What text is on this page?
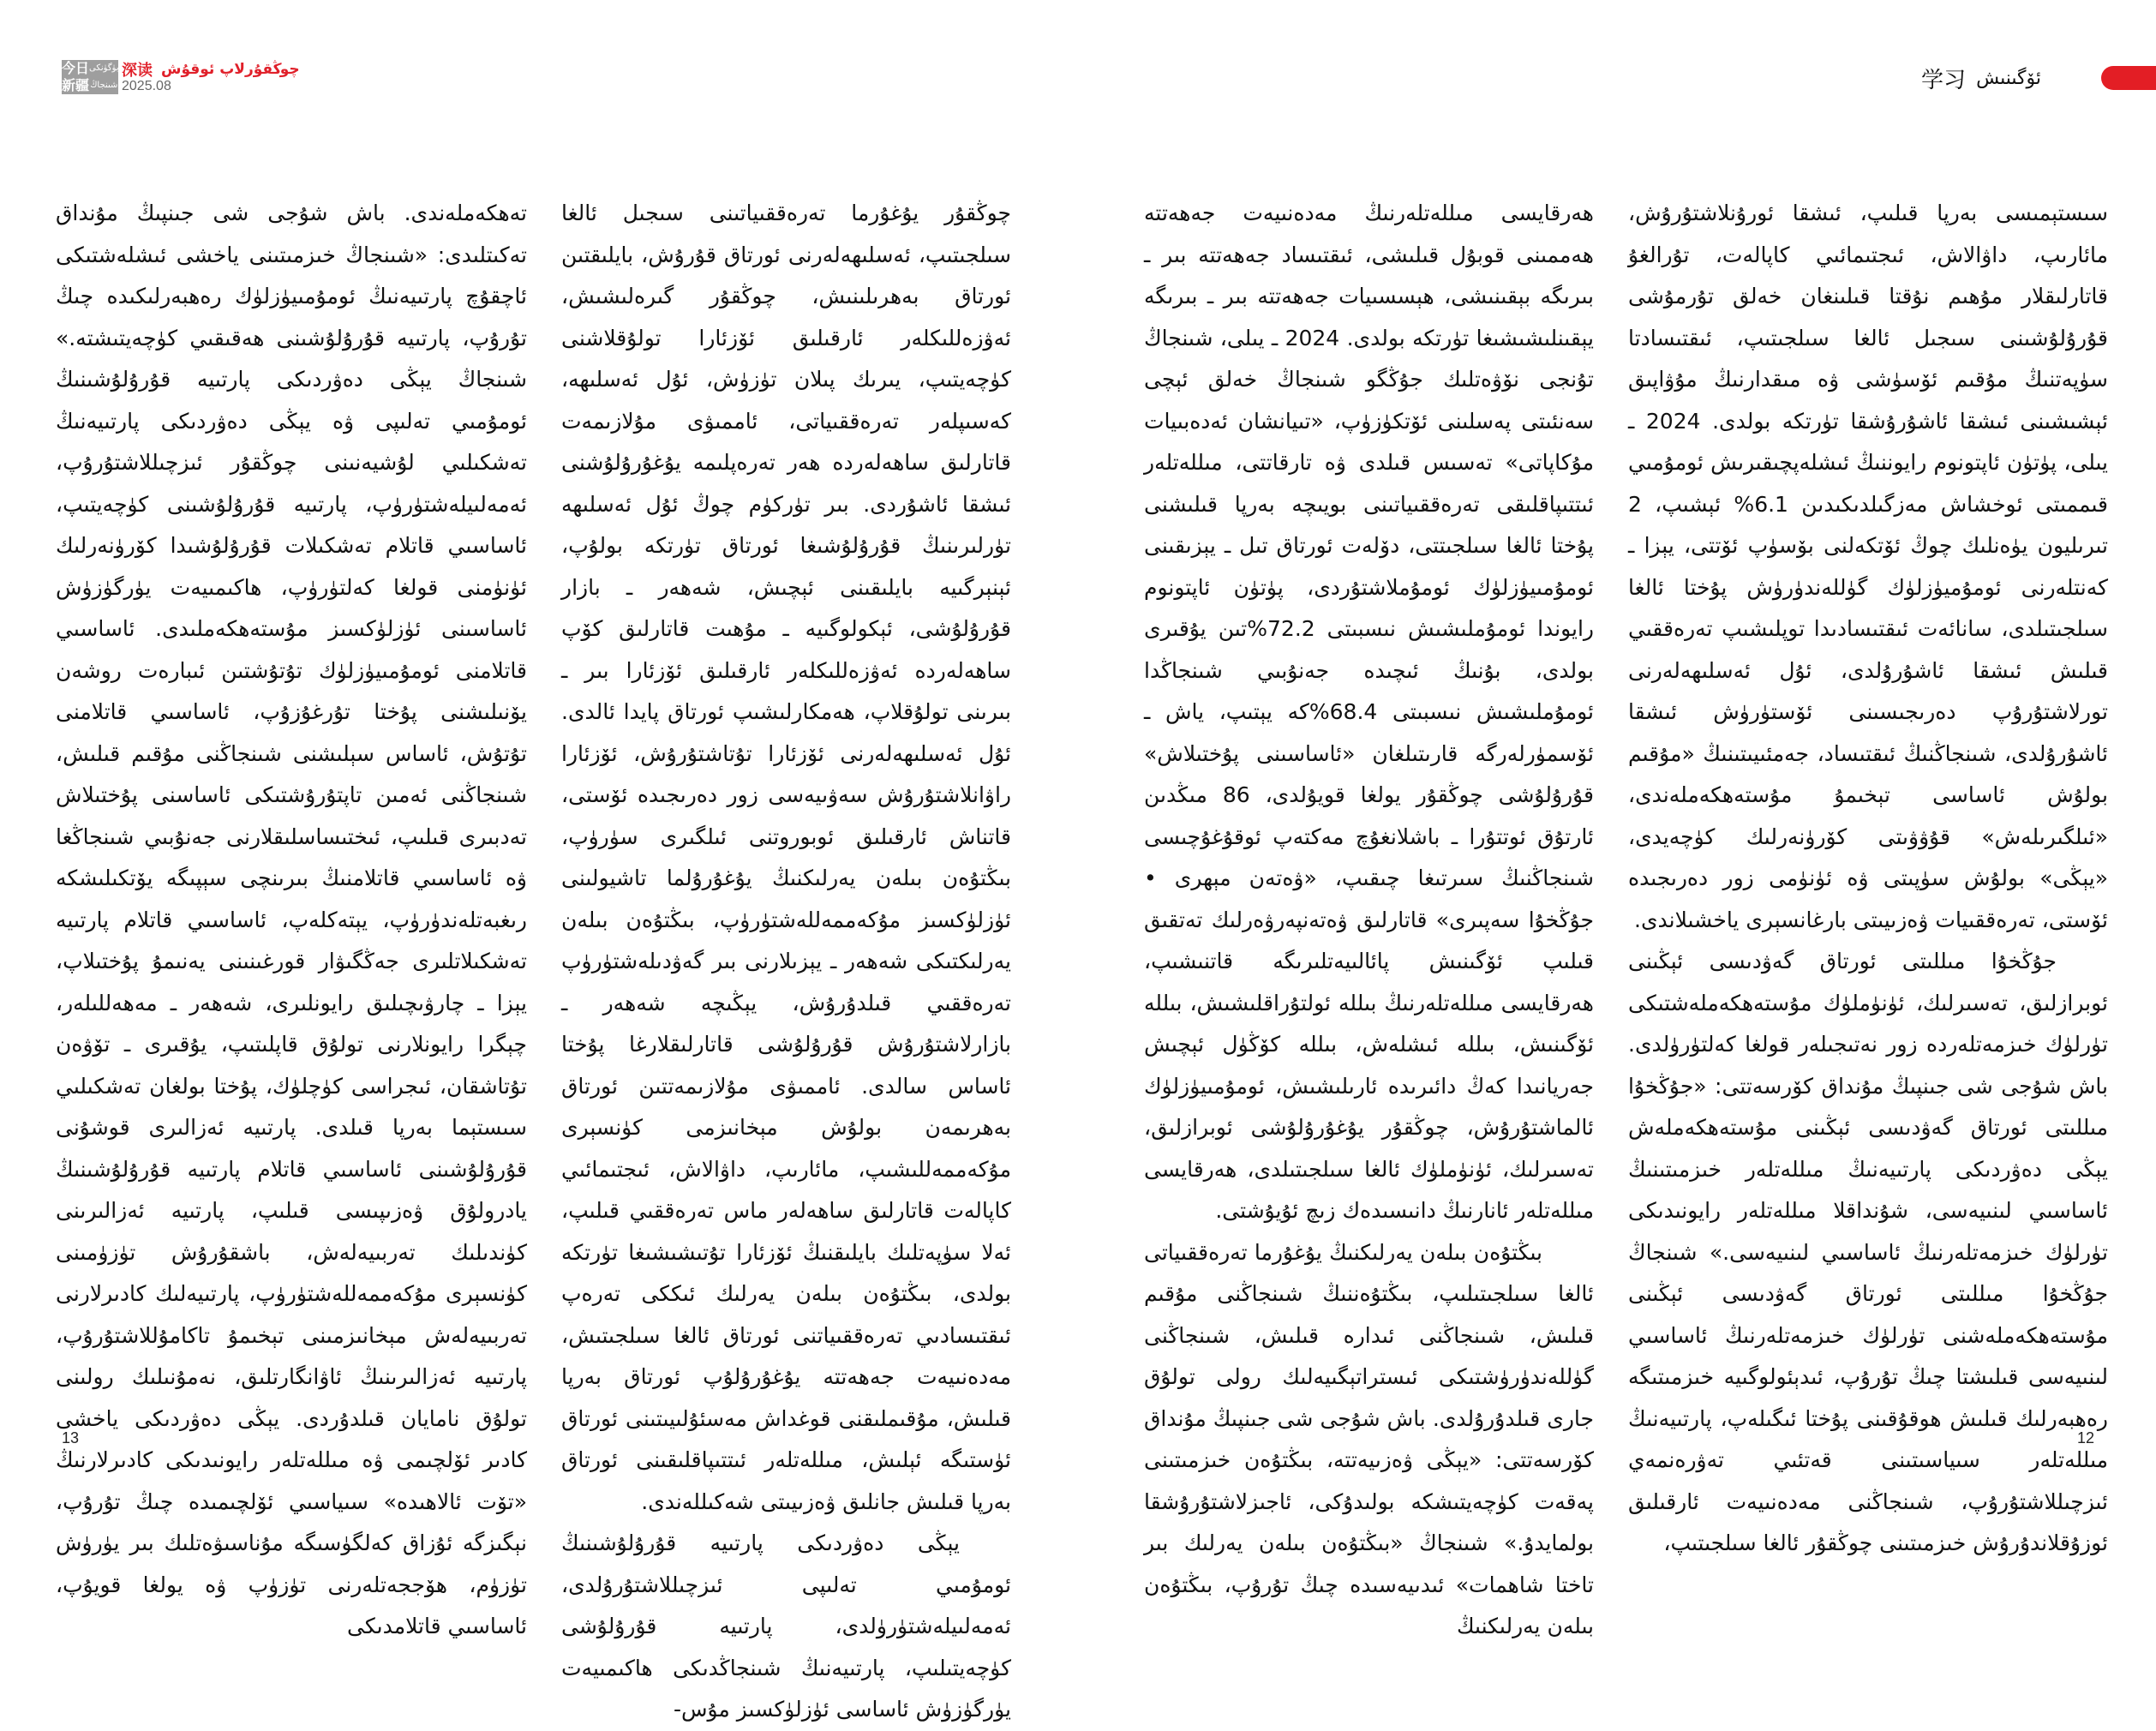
今日 بۈگۈنكى
新疆 شىنجاڭ
深读 چوڭقۇرلاپ ئوقۇش
2025.08	学习 ئۆگىنىش

سىستېمىسى بەرپا قىلىپ، ئىشقا ئورۇنلاشتۇرۇش، مائارىپ، داۋالاش، ئىجتىمائىي كاپالەت، تۇرالغۇ قاتارلىقلار مۇھىم نۇقتا قىلىنغان خەلق تۇرمۇشى قۇرۇلۇشىنى سىجىل ئالغا سىلجىتىپ، ئىقتىسادتا سۈپەتنىڭ مۇقىم ئۆسۈشى ۋە مىقدارنىڭ مۇۋاپىق ئېشىشىنى ئىشقا ئاشۇرۇشقا تۈرتكە بولدى. 2024 ـ يىلى، پۈتۈن ئاپتونوم رايوننىڭ ئىشلەپچىقىرىش ئومۇمىي قىممىتى ئوخشاش مەزگىلدىكىدىن 6.1% ئېشىپ، 2 تىرىليون يۈەنلىك چوڭ ئۆتكەلنى بۆسۈپ ئۆتتى، يېزا ـ كەنتلەرنى ئومۇميۈزلۈك گۈللەندۈرۈش پۇختا ئالغا سىلجىتىلدى، سانائەت ئىقتىسادىدا توپلىشىپ تەرەققىي قىلىش ئىشقا ئاشۇرۇلدى، ئۇل ئەسلىھەلەرنى تورلاشتۇرۇپ دەرىجىسىنى ئۆستۈرۈش ئىشقا ئاشۇرۇلدى، شىنجاڭنىڭ ئىقتىساد، جەمئىيىتىنىڭ «مۇقىم بولۇش ئاساسى تېخىمۇ مۇستەھكەملەندى، «ئىلگىرىلەش» قۇۋۋىتى كۆرۈنەرلىك كۈچەيدى، «يېڭى» بولۇش سۈپىتى ۋە ئۈنۈمى زور دەرىجىدە ئۆستى، تەرەققىيات ۋەزىيىتى بارغانسېرى ياخشىلاندى.

جۇڭخۇا مىللىتى ئورتاق گەۋدىسى ئېڭىنى ئوبرازلىق، تەسىرلىك، ئۈنۈملۈك مۇستەھكەملەشتىكى تۈرلۈك خىزمەتلەردە زور نەتىجىلەر قولغا كەلتۈرۈلدى. باش شۇجى شى جىنپىڭ مۇنداق كۆرسەتتى: «جۇڭخۇا مىللىتى ئورتاق گەۋدىسى ئېڭىنى مۇستەھكەملەش يېڭى دەۋردىكى پارتىيەنىڭ مىللەتلەر خىزمىتىنىڭ ئاساسىي لىنىيەسى، شۇنداقلا مىللەتلەر رايونىدىكى تۈرلۈك خىزمەتلەرنىڭ ئاساسىي لىنىيەسى.» شىنجاڭ جۇڭخۇا مىللىتى ئورتاق گەۋدىسى ئېڭىنى مۇستەھكەملەشنى تۈرلۈك خىزمەتلەرنىڭ ئاساسىي لىنىيەسى قىلىشتا چىڭ تۇرۇپ، ئىدېئولوگىيە خىزمىتىگە رەھبەرلىك قىلىش ھوقۇقىنى پۇختا ئىگىلەپ، پارتىيەنىڭ مىللەتلەر سىياسىتىنى قەتئىي تەۋرەنمەي ئىزچىللاشتۇرۇپ، شىنجاڭنى مەدەنىيەت ئارقىلىق ئوزۇقلاندۇرۇش خىزمىتىنى چوڭقۇر ئالغا سىلجىتىپ،

ھەرقايسى مىللەتلەرنىڭ مەدەنىيەت جەھەتتە ھەممىنى قوبۇل قىلىشى، ئىقتىساد جەھەتتە بىر ـ بىرىگە بېقىنىشى، ھېسسىيات جەھەتتە بىر ـ بىرىگە يېقىنلىشىشىغا تۈرتكە بولدى. 2024 ـ يىلى، شىنجاڭ تۇنجى نۆۋەتلىك جۇڭگو شىنجاڭ خەلق ئېچى سەنئىتى پەسلىنى ئۆتكۈزۈپ، «تىيانشان ئەدەبىيات مۇكاپاتى» تەسىس قىلدى ۋە تارقاتتى، مىللەتلەر ئىتتىپاقلىقى تەرەققىياتىنى بويىچە بەرپا قىلىشنى پۇختا ئالغا سىلجىتتى، دۆلەت ئورتاق تىل ـ يېزىقىنى ئومۇمىيۈزلۈك ئومۇملاشتۇردى، پۈتۈن ئاپتونوم رايوندا ئومۇملىشىش نىسبىتى 72.2%تىن يۇقىرى بولدى، بۇنىڭ ئىچىدە جەنۇبىي شىنجاڭدا ئومۇملىشىش نىسبىتى 68.4%كە يېتىپ، ياش ـ ئۆسمۈرلەرگە قارىتىلغان «ئاساسىنى پۇختىلاش» قۇرۇلۇشى چوڭقۇر يولغا قويۇلدى، 86 مىڭدىن ئارتۇق ئوتتۇرا ـ باشلانغۇچ مەكتەپ ئوقۇغۇچىسى شىنجاڭنىڭ سىرتىغا چىقىپ، «ۋەتەن مېھرى • جۇڭخۇا سەپىرى» قاتارلىق ۋەتەنپەرۋەرلىك تەتقىق قىلىپ ئۆگىنىش پائالىيەتلىرىگە قاتنىشىپ، ھەرقايسى مىللەتلەرنىڭ بىللە ئولتۇراقلىشىش، بىللە ئۆگىنىش، بىللە ئىشلەش، بىللە كۆڭۈل ئېچىش جەريانىدا كەڭ دائىرىدە ئارىلىشىش، ئومۇمىيۈزلۈك ئالماشتۇرۇش، چوڭقۇر يۇغۇرۇلۇشى ئوبرازلىق، تەسىرلىك، ئۈنۈملۈك ئالغا سىلجىتىلدى، ھەرقايسى مىللەتلەر ئانارنىڭ دانىسىدەك زىچ ئۇيۇشتى.

بىڭتۇەن بىلەن يەرلىكنىڭ يۇغۇرما تەرەققىياتى ئالغا سىلجىتىلىپ، بىڭتۇەننىڭ شىنجاڭنى مۇقىم قىلىش، شىنجاڭنى ئىدارە قىلىش، شىنجاڭنى گۈللەندۈرۈشتىكى ئىستراتېگىيەلىك رولى تولۇق جارى قىلدۇرۇلدى. باش شۇجى شى جىنپىڭ مۇنداق كۆرسەتتى: «يېڭى ۋەزىيەتتە، بىڭتۇەن خىزمىتىنى پەقەت كۈچەيتىشكە بولىدۇكى، ئاجىزلاشتۇرۇشقا بولمايدۇ.» شىنجاڭ «بىڭتۇەن بىلەن يەرلىك بىر تاختا شاھمات» ئىدىيەسىدە چىڭ تۇرۇپ، بىڭتۇەن بىلەن يەرلىكنىڭ

چوڭقۇر يۇغۇرما تەرەققىياتىنى سىجىل ئالغا سىلجىتىپ، ئەسلىھەلەرنى ئورتاق قۇرۇش، بايلىقتىن ئورتاق بەھرىلىنىش، چوڭقۇر گىرەلىشىش، ئەۋزەللىكلەر ئارقىلىق ئۆزئارا تولۇقلاشنى كۈچەيتىپ، يىرىك پىلان تۈزۈش، ئۇل ئەسلىھە، كەسىپلەر تەرەققىياتى، ئاممىۋى مۇلازىمەت قاتارلىق ساھەلەردە ھەر تەرەپلىمە يۇغۇرۇلۇشنى ئىشقا ئاشۇردى. بىر تۈركۈم چوڭ ئۇل ئەسلىھە تۈرلىرىنىڭ قۇرۇلۇشىغا ئورتاق تۈرتكە بولۇپ، ئېنېرگىيە بايلىقىنى ئېچىش، شەھەر ـ بازار قۇرۇلۇشى، ئېكولوگىيە ـ مۇھىت قاتارلىق كۆپ ساھەلەردە ئەۋزەللىكلەر ئارقىلىق ئۆزئارا بىر ـ بىرىنى تولۇقلاپ، ھەمكارلىشىپ ئورتاق پايدا ئالدى. ئۇل ئەسلىھەلەرنى ئۆزئارا تۇتاشتۇرۇش، ئۆزئارا راۋانلاشتۇرۇش سەۋىيەسى زور دەرىجىدە ئۆستى، قاتناش ئارقىلىق ئوبوروتنى ئىلگىرى سۈرۈپ، بىڭتۇەن بىلەن يەرلىكنىڭ يۇغۇرۇلما تاشيولىنى ئۈزلۈكسىز مۇكەممەللەشتۈرۈپ، بىڭتۇەن بىلەن يەرلىكتىكى شەھەر ـ يېزىلارنى بىر گەۋدىلەشتۈرۈپ تەرەققىي قىلدۇرۇش، يېڭىچە شەھەر ـ بازارلاشتۇرۇش قۇرۇلۇشى قاتارلىقلارغا پۇختا ئاساس سالدى. ئاممىۋى مۇلازىمەتتىن ئورتاق بەھرىمەن بولۇش مېخانىزمى كۈنسېرى مۇكەممەللىشىپ، مائارىپ، داۋالاش، ئىجتىمائىي كاپالەت قاتارلىق ساھەلەر ماس تەرەققىي قىلىپ، ئەلا سۈپەتلىك بايلىقنىڭ ئۆزئارا تۇتىشىشىغا تۈرتكە بولدى، بىڭتۇەن بىلەن يەرلىك ئىككى تەرەپ ئىقتىسادىي تەرەققىياتنى ئورتاق ئالغا سىلجىتىش، مەدەنىيەت جەھەتتە يۇغۇرۇلۇپ ئورتاق بەرپا قىلىش، مۇقىملىقنى قوغداش مەسئۇلىيىتىنى ئورتاق ئۈستىگە ئېلىش، مىللەتلەر ئىتتىپاقلىقىنى ئورتاق بەرپا قىلىش جانلىق ۋەزىيىتى شەكىللەندى.

يېڭى دەۋردىكى پارتىيە قۇرۇلۇشىنىڭ ئومۇمىي تەلىپى ئىزچىللاشتۇرۇلدى، ئەمەلىيلەشتۈرۈلدى، پارتىيە قۇرۇلۇشى كۈچەيتىلىپ، پارتىيەنىڭ شىنجاڭدىكى ھاكىمىيەت يۈرگۈزۈش ئاساسى ئۈزلۈكسىز مۇس-

تەھكەملەندى. باش شۇجى شى جىنپىڭ مۇنداق تەكىتلىدى: «شىنجاڭ خىزمىتىنى ياخشى ئىشلەشتىكى ئاچقۇچ پارتىيەنىڭ ئومۇمىيۈزلۈك رەھبەرلىكىدە چىڭ تۇرۇپ، پارتىيە قۇرۇلۇشىنى ھەقىقىي كۈچەيتىشتە.» شىنجاڭ يېڭى دەۋردىكى پارتىيە قۇرۇلۇشىنىڭ ئومۇمىي تەلىپى ۋە يېڭى دەۋردىكى پارتىيەنىڭ تەشكىلىي لۇشيەنىنى چوڭقۇر ئىزچىللاشتۇرۇپ، ئەمەلىيلەشتۈرۈپ، پارتىيە قۇرۇلۇشىنى كۈچەيتىپ، ئاساسىي قاتلام تەشكىلات قۇرۇلۇشىدا كۆرۈنەرلىك ئۈنۈمنى قولغا كەلتۈرۈپ، ھاكىمىيەت يۈرگۈزۈش ئاساسىنى ئۈزلۈكسىز مۇستەھكەملىدى. ئاساسىي قاتلامنى ئومۇمىيۈزلۈك تۇتۇشتىن ئىبارەت روشەن يۆنىلىشنى پۇختا تۇرغۇزۇپ، ئاساسىي قاتلامنى تۇتۇش، ئاساس سېلىشنى شىنجاڭنى مۇقىم قىلىش، شىنجاڭنى ئەمىن تاپتۇرۇشتىكى ئاساسنى پۇختىلاش تەدبىرى قىلىپ، ئىختىساسلىقلارنى جەنۇبىي شىنجاڭغا ۋە ئاساسىي قاتلامنىڭ بىرىنچى سېپىگە يۆتكىلىشكە رىغبەتلەندۈرۈپ، يېتەكلەپ، ئاساسىي قاتلام پارتىيە تەشكىلاتلىرى جەڭگىۋار قورغىنىنى يەنىمۇ پۇختىلاپ، يېزا ـ چارۋىچىلىق رايونلىرى، شەھەر ـ مەھەللىلەر، چېگرا رايونلارنى تولۇق قاپلىتىپ، يۇقىرى ـ تۆۋەن تۇتاشقان، ئىجراسى كۈچلۈك، پۇختا بولغان تەشكىلىي سىستېما بەرپا قىلدى. پارتىيە ئەزالىرى قوشۇنى قۇرۇلۇشىنى ئاساسىي قاتلام پارتىيە قۇرۇلۇشىنىڭ يادرولۇق ۋەزىپىسى قىلىپ، پارتىيە ئەزالىرىنى كۈندىلىك تەربىيەلەش، باشقۇرۇش تۈزۈمىنى كۈنسېرى مۇكەممەللەشتۈرۈپ، پارتىيەلىك كادىرلارنى تەربىيەلەش مېخانىزمىنى تېخىمۇ تاكامۇللاشتۇرۇپ، پارتىيە ئەزالىرىنىڭ ئاۋانگارتلىق، نەمۇنىلىك رولىنى تولۇق نامايان قىلدۇردى. يېڭى دەۋردىكى ياخشى كادىر ئۆلچىمى ۋە مىللەتلەر رايونىدىكى كادىرلارنىڭ «تۆت ئالاھىدە» سىياسىي ئۆلچىمىدە چىڭ تۇرۇپ، نېگىزگە ئۇزاق كەلگۈسىگە مۇناسىۋەتلىك بىر يۈرۈش تۈزۈم، ھۆججەتلەرنى تۈزۈپ ۋە يولغا قويۇپ، ئاساسىي قاتلامدىكى

12
13
